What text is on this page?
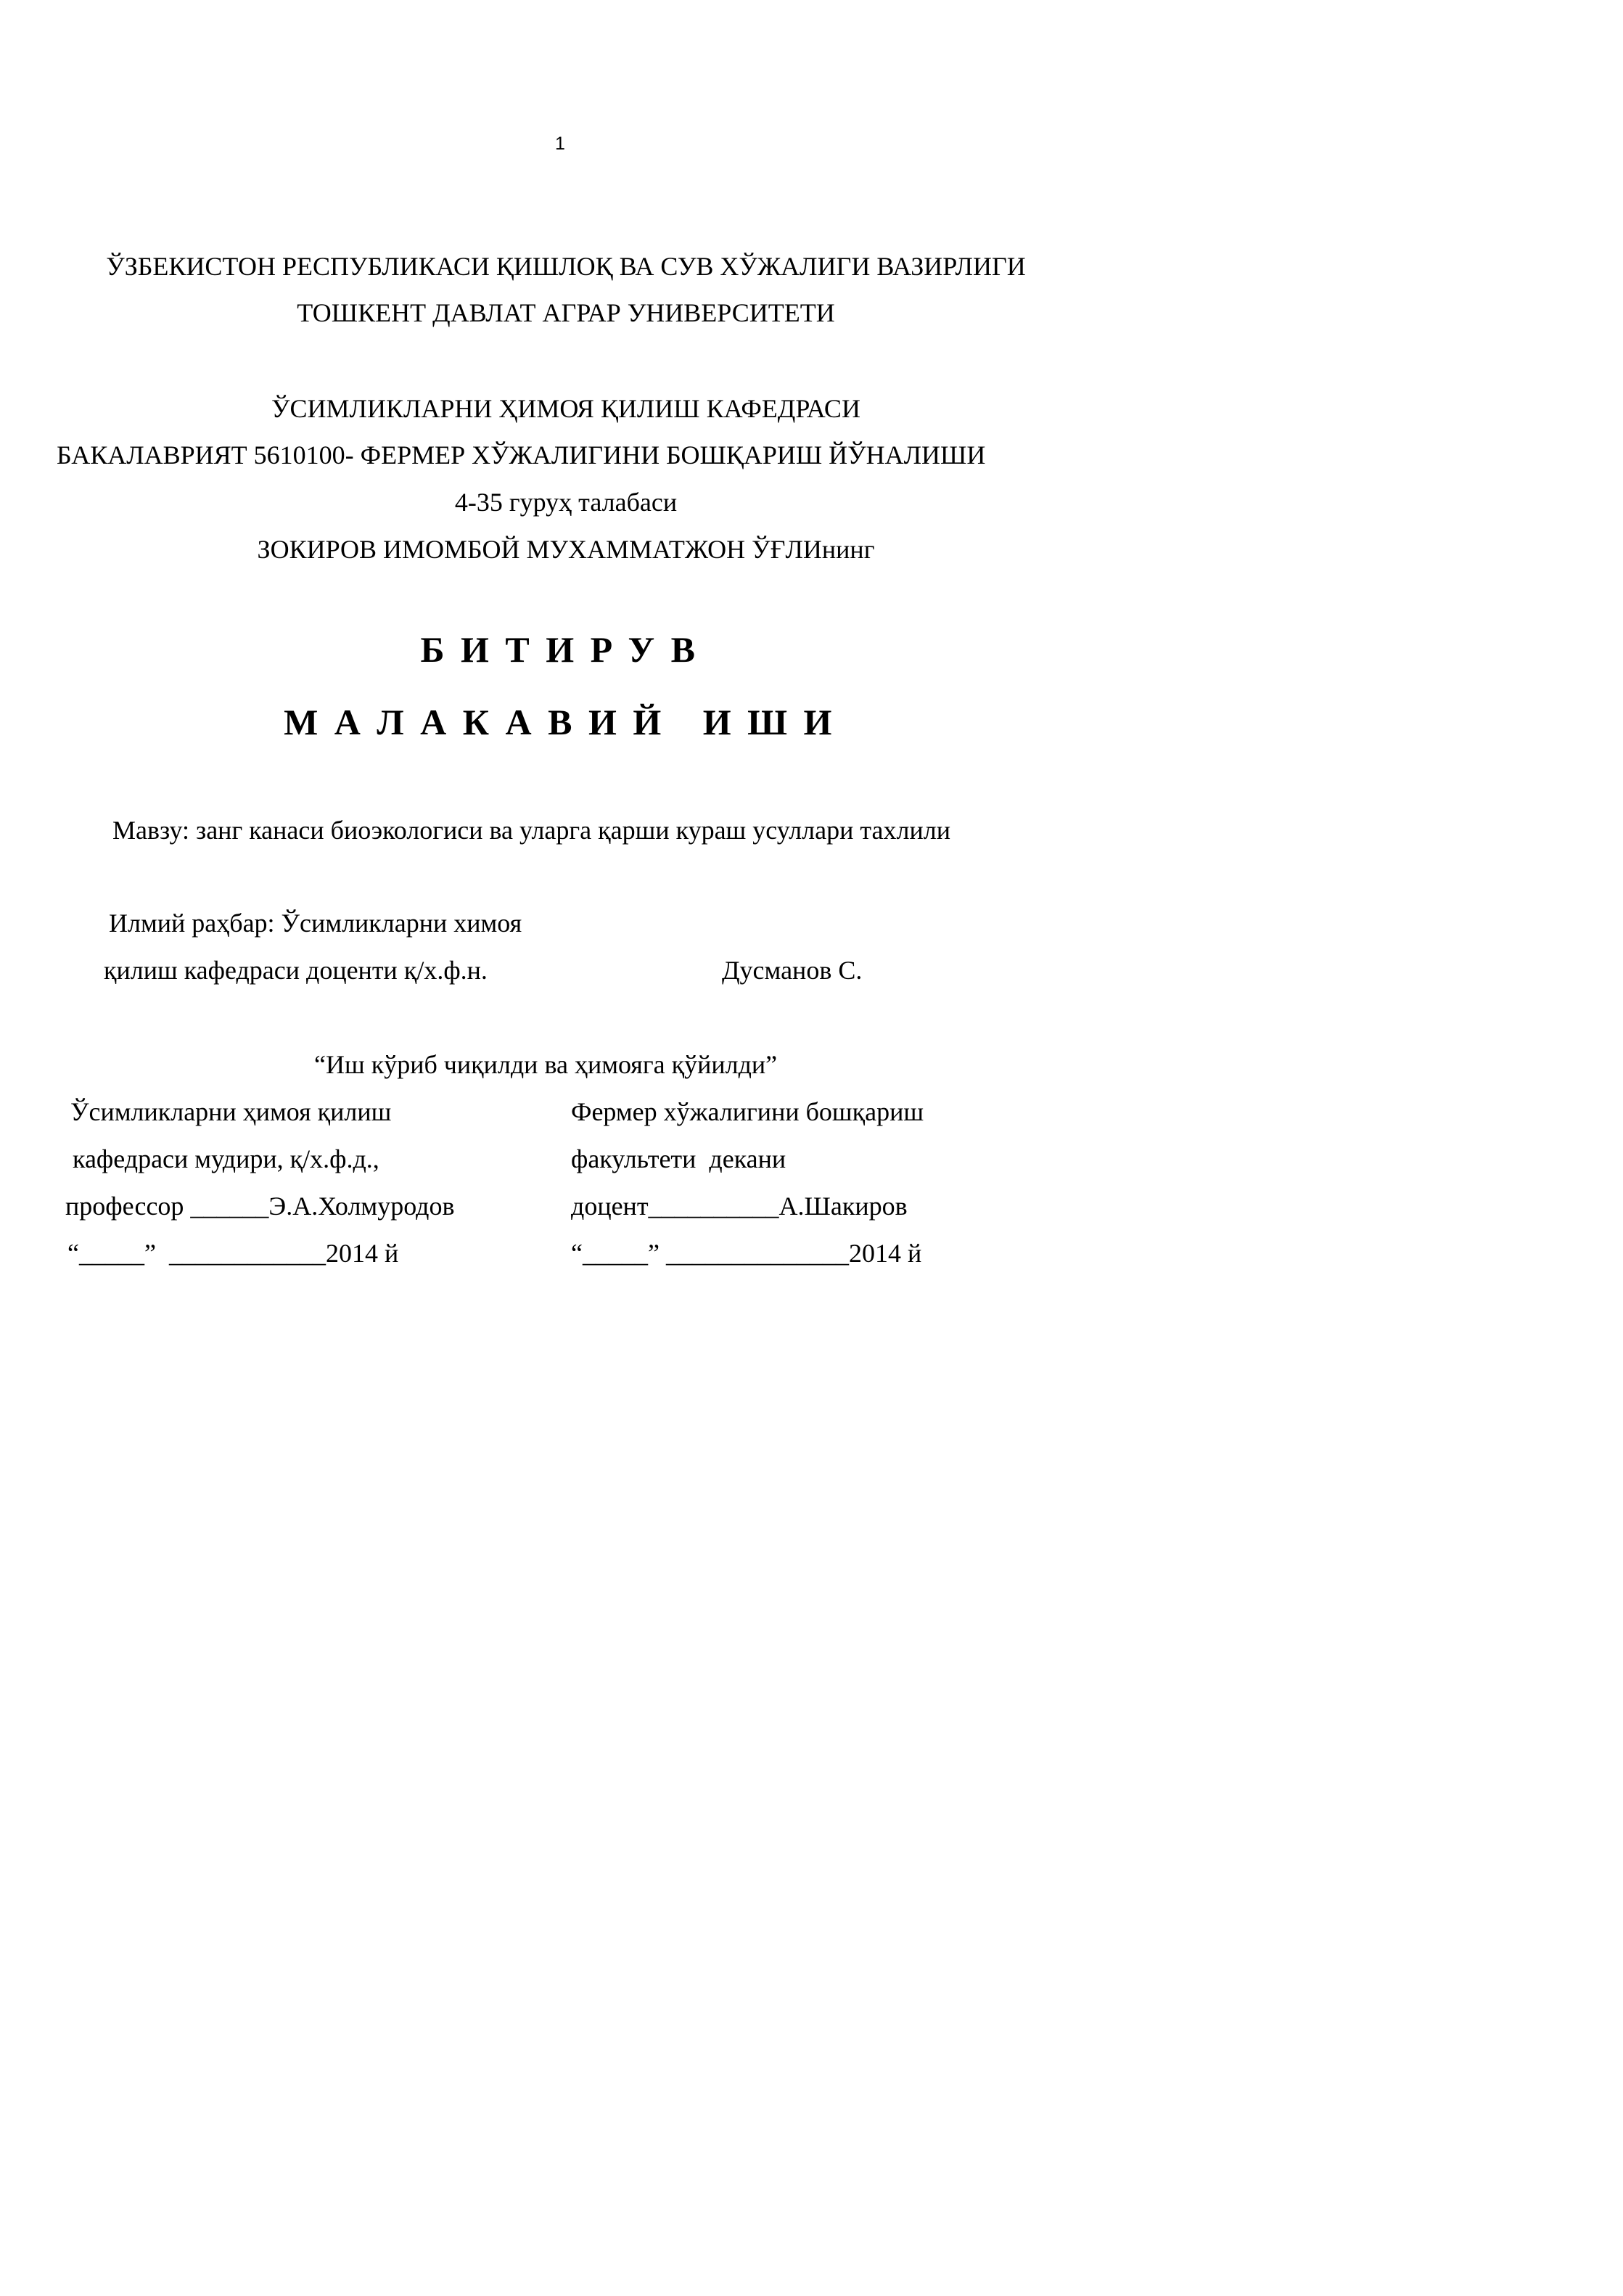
1
ЎЗБЕКИСТОН РЕСПУБЛИКАСИ ҚИШЛОҚ ВА СУВ ХЎЖАЛИГИ ВАЗИРЛИГИ
ТОШКЕНТ ДАВЛАТ АГРАР УНИВЕРСИТЕТИ
ЎСИМЛИКЛАРНИ ҲИМОЯ ҚИЛИШ КАФЕДРАСИ
БАКАЛАВРИЯТ 5610100- ФЕРМЕР ХЎЖАЛИГИНИ БОШҚАРИШ ЙЎНАЛИШИ
4-35 гуруҳ талабаси
ЗОКИРОВ ИМОМБОЙ МУХАММАТЖОН ЎҒЛИнинг
БИТИРУВ
МАЛАКАВИЙ ИШИ
Мавзу: занг канаси биоэкологиси ва уларга қарши кураш усуллари тахлили
Илмий раҳбар: Ўсимликларни химоя
қилиш кафедраси доценти қ/х.ф.н.	Дусманов С.
“Иш кўриб чиқилди ва ҳимояга қўйилди”
Ўсимликларни ҳимоя қилиш
кафедраси мудири, қ/х.ф.д.,
профессор ______Э.А.Холмуродов
“_____”  ____________2014 й
Фермер хўжалигини бошқариш
факультети  декани
доцент__________А.Шакиров
“_____” ______________2014 й
